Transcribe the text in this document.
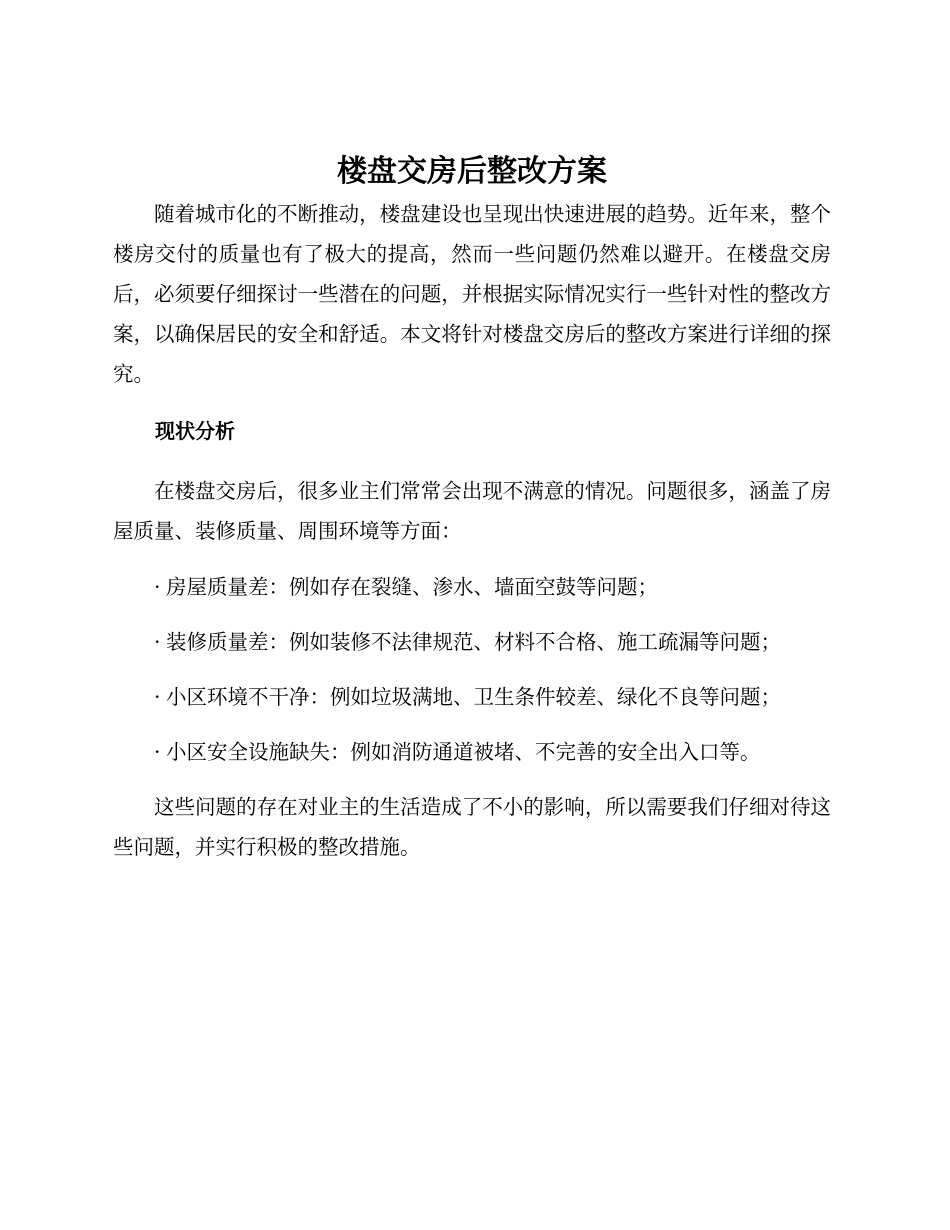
楼盘交房后整改方案

随着城市化的不断推动，楼盘建设也呈现出快速进展的趋势。近年来，整个楼房交付的质量也有了极大的提高，然而一些问题仍然难以避开。在楼盘交房后，必须要仔细探讨一些潜在的问题，并根据实际情况实行一些针对性的整改方案，以确保居民的安全和舒适。本文将针对楼盘交房后的整改方案进行详细的探究。

现状分析

在楼盘交房后，很多业主们常常会出现不满意的情况。问题很多，涵盖了房屋质量、装修质量、周围环境等方面：

· 房屋质量差：例如存在裂缝、渗水、墙面空鼓等问题；
· 装修质量差：例如装修不法律规范、材料不合格、施工疏漏等问题；
· 小区环境不干净：例如垃圾满地、卫生条件较差、绿化不良等问题；
· 小区安全设施缺失：例如消防通道被堵、不完善的安全出入口等。

这些问题的存在对业主的生活造成了不小的影响，所以需要我们仔细对待这些问题，并实行积极的整改措施。
